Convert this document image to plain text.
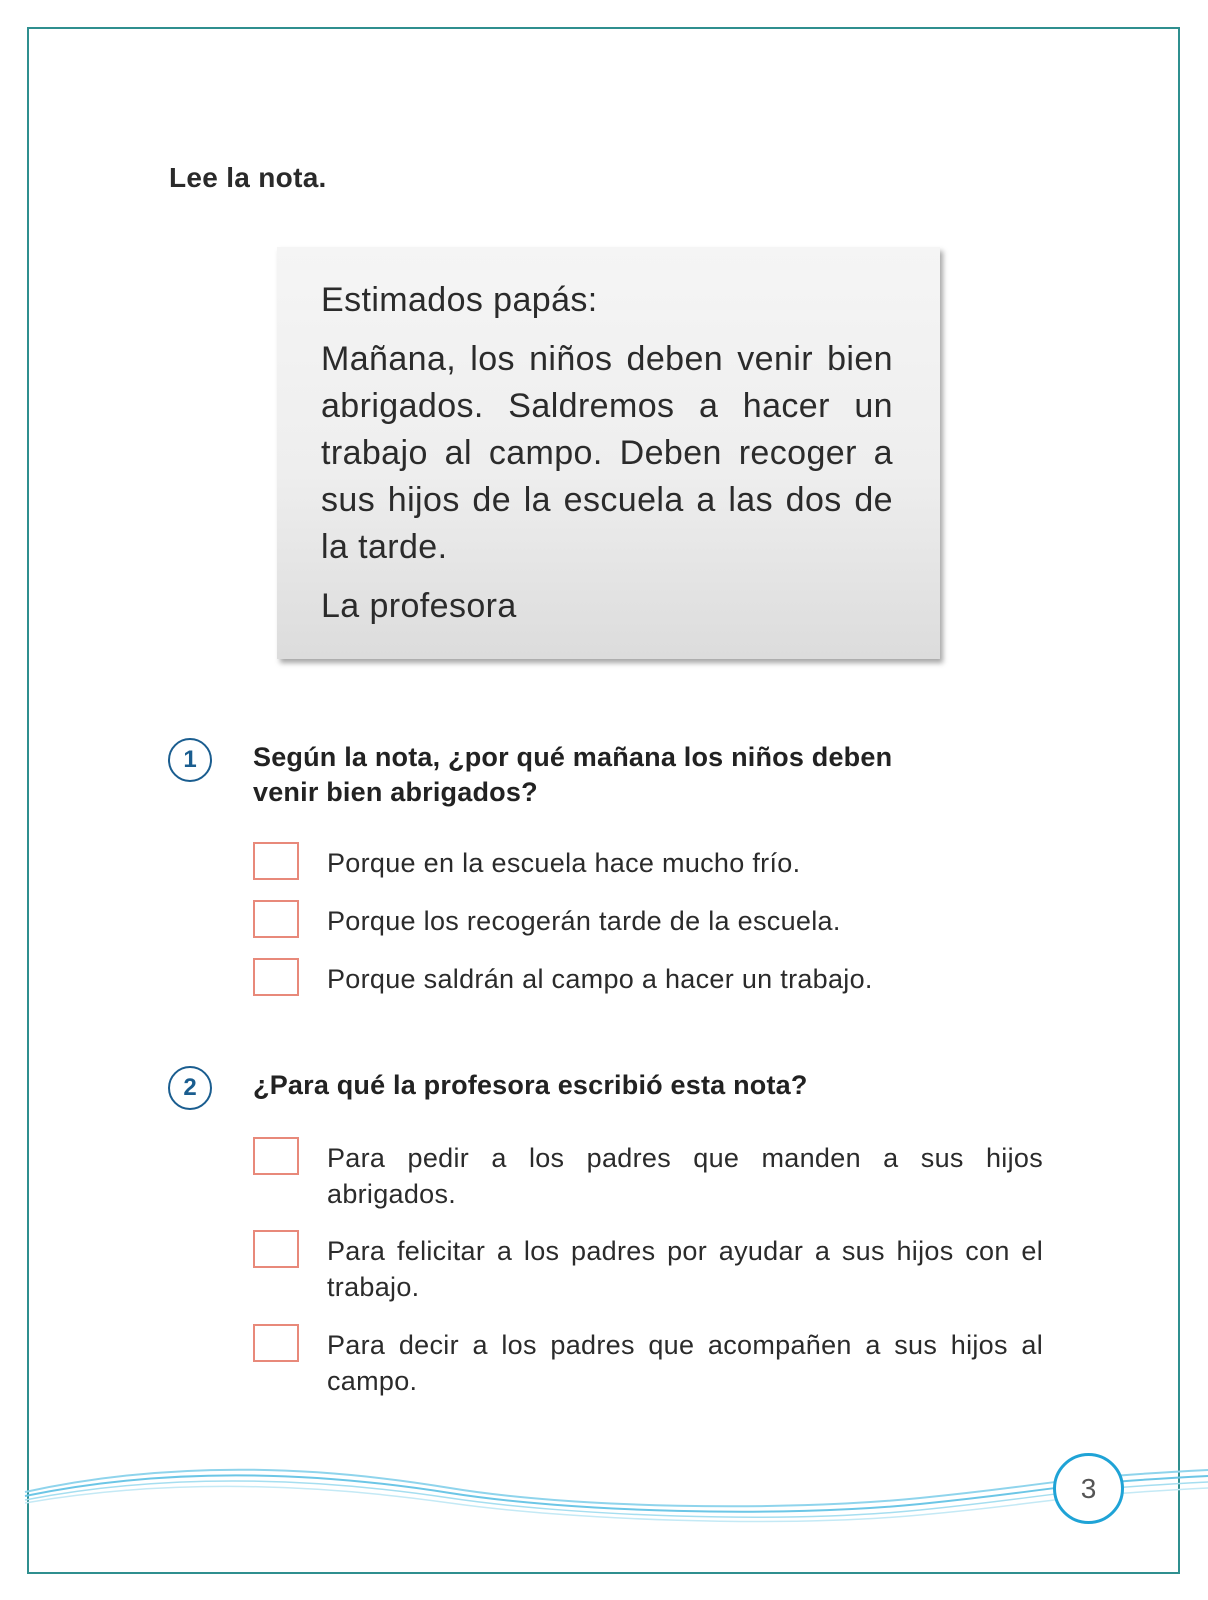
Lee la nota.

Estimados papás:

Mañana, los niños deben venir bien abrigados. Saldremos a hacer un trabajo al campo. Deben recoger a sus hijos de la escuela a las dos de la tarde.

La profesora

1	Según la nota, ¿por qué mañana los niños deben
venir bien abrigados?
Porque en la escuela hace mucho frío.
Porque los recogerán tarde de la escuela.
Porque saldrán al campo a hacer un trabajo.
2	¿Para qué la profesora escribió esta nota?
Para pedir a los padres que manden a sus hijos abrigados.
Para felicitar a los padres por ayudar a sus hijos con el trabajo.
Para decir a los padres que acompañen a sus hijos al campo.
3
